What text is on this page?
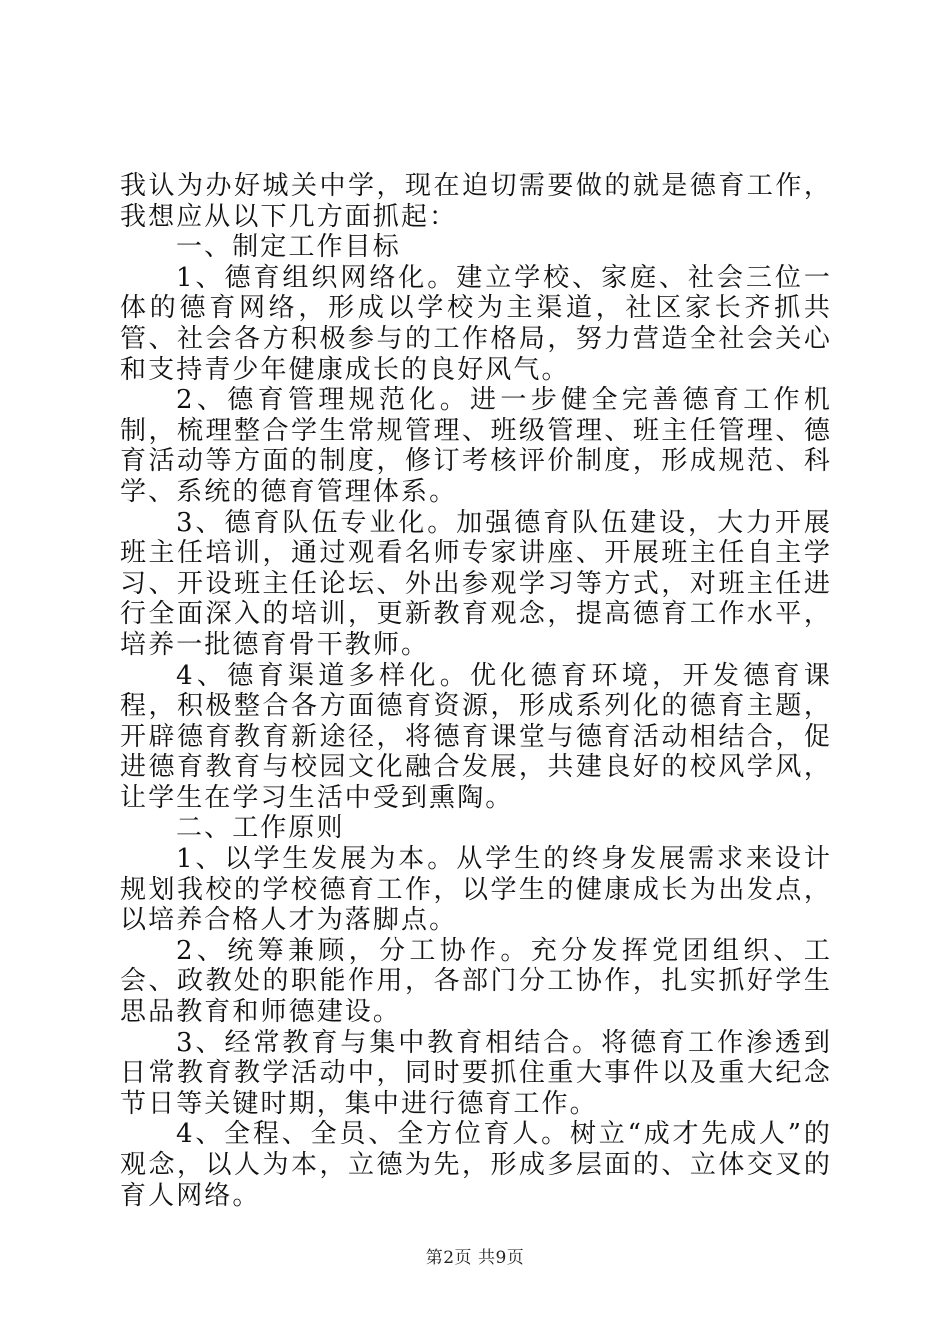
我认为办好城关中学，现在迫切需要做的就是德育工作，我想应从以下几方面抓起：

一、制定工作目标

1、德育组织网络化。建立学校、家庭、社会三位一体的德育网络，形成以学校为主渠道，社区家长齐抓共管、社会各方积极参与的工作格局，努力营造全社会关心和支持青少年健康成长的良好风气。

2、德育管理规范化。进一步健全完善德育工作机制，梳理整合学生常规管理、班级管理、班主任管理、德育活动等方面的制度，修订考核评价制度，形成规范、科学、系统的德育管理体系。

3、德育队伍专业化。加强德育队伍建设，大力开展班主任培训，通过观看名师专家讲座、开展班主任自主学习、开设班主任论坛、外出参观学习等方式，对班主任进行全面深入的培训，更新教育观念，提高德育工作水平，培养一批德育骨干教师。

4、德育渠道多样化。优化德育环境，开发德育课程，积极整合各方面德育资源，形成系列化的德育主题，开辟德育教育新途径，将德育课堂与德育活动相结合，促进德育教育与校园文化融合发展，共建良好的校风学风，让学生在学习生活中受到熏陶。

二、工作原则

1、以学生发展为本。从学生的终身发展需求来设计规划我校的学校德育工作，以学生的健康成长为出发点，以培养合格人才为落脚点。

2、统筹兼顾，分工协作。充分发挥党团组织、工会、政教处的职能作用，各部门分工协作，扎实抓好学生思品教育和师德建设。

3、经常教育与集中教育相结合。将德育工作渗透到日常教育教学活动中，同时要抓住重大事件以及重大纪念节日等关键时期，集中进行德育工作。

4、全程、全员、全方位育人。树立“成才先成人”的观念，以人为本，立德为先，形成多层面的、立体交叉的育人网络。

第2页 共9页
